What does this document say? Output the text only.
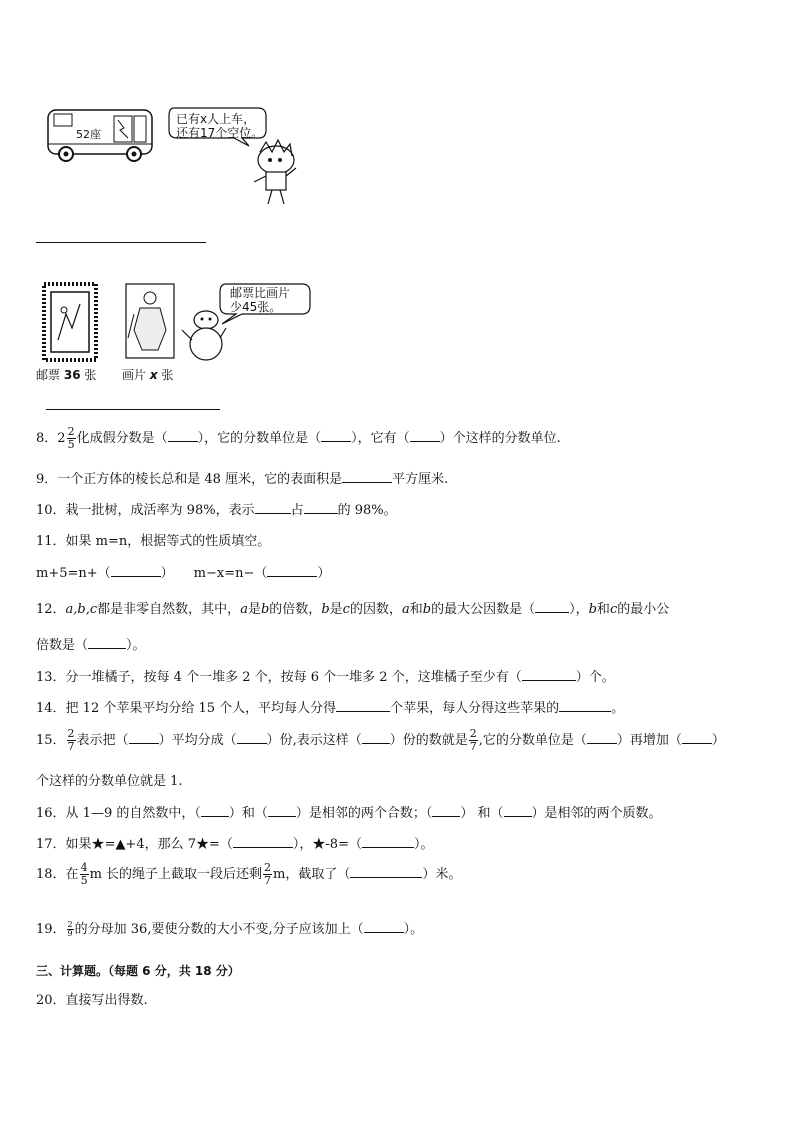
52座
已有x人上车，
还有17个空位。
邮票比画片
少45张。
邮票 36 张 画片 x 张
8．$2 \frac{2}{5}$ 化成假分数是（ ），它的分数单位是（ ），它有（ ）个这样的分数单位.
9．一个正方体的棱长总和是 48 厘米，它的表面积是	平方厘米.
10．栽一批树，成活率为 98%，表示	占	的 98%。
11．如果 m=n，根据等式的性质填空。
m+5=n+（	） m−x=n−（	）
12．a,b,c都是非零自然数，其中，a是b的倍数，b是c的因数，a和b的最大公因数是（	），b和c的最小公
倍数是（	）。
13．分一堆橘子，按每 4 个一堆多 2 个，按每 6 个一堆多 2 个，这堆橘子至少有（	）个。
14．把 12 个苹果平均分给 15 个人，平均每人分得	个苹果，每人分得这些苹果的	。
15． $\frac{2}{7}$ 表示把（ ）平均分成（ ）份,表示这样（ ）份的数就是 $\frac{2}{7}$ ,它的分数单位是（ ）再增加（ ）
个这样的分数单位就是 1.
16．从 1—9 的自然数中，（ ）和（ ）是相邻的两个合数；（ ） 和（ ）是相邻的两个质数。
17．如果★=▲+4，那么 7★=（	），★-8=（	）。
18．在 $\frac{4}{5}$ m 长的绳子上截取一段后还剩 $\frac{2}{7}$ m，截取了（	）米。
19． $\frac{2}{9}$ 的分母加 36,要使分数的大小不变,分子应该加上（	）。
三、计算题。（每题 6 分，共 18 分）
20．直接写出得数.
